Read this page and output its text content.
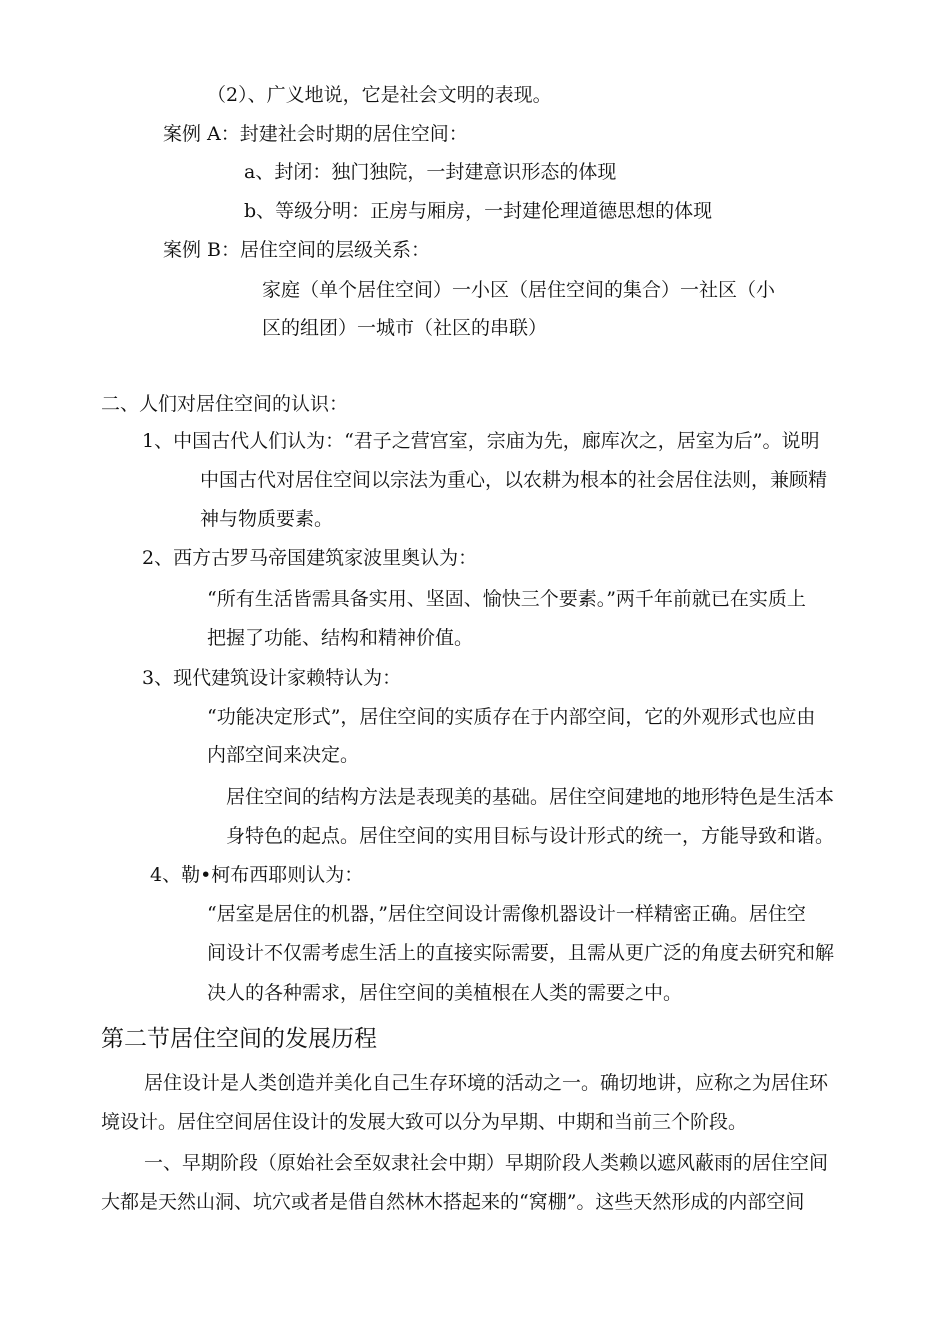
（2）、广义地说，它是社会文明的表现。
案例 A：封建社会时期的居住空间：
a、封闭：独门独院，一封建意识形态的体现
b、等级分明：正房与厢房，一封建伦理道德思想的体现
案例 B：居住空间的层级关系：
家庭（单个居住空间）一小区（居住空间的集合）一社区（小
区的组团）一城市（社区的串联）
二、人们对居住空间的认识：
1、中国古代人们认为：“君子之营宫室，宗庙为先，廊库次之，居室为后”。说明
中国古代对居住空间以宗法为重心，以农耕为根本的社会居住法则，兼顾精
神与物质要素。
2、西方古罗马帝国建筑家波里奥认为：
“所有生活皆需具备实用、坚固、愉快三个要素。”两千年前就已在实质上
把握了功能、结构和精神价值。
3、现代建筑设计家赖特认为：
“功能决定形式”，居住空间的实质存在于内部空间，它的外观形式也应由
内部空间来决定。
居住空间的结构方法是表现美的基础。居住空间建地的地形特色是生活本
身特色的起点。居住空间的实用目标与设计形式的统一，方能导致和谐。
4、勒•柯布西耶则认为：
“居室是居住的机器，”居住空间设计需像机器设计一样精密正确。居住空
间设计不仅需考虑生活上的直接实际需要，且需从更广泛的角度去研究和解
决人的各种需求，居住空间的美植根在人类的需要之中。
第二节居住空间的发展历程
居住设计是人类创造并美化自己生存环境的活动之一。确切地讲，应称之为居住环
境设计。居住空间居住设计的发展大致可以分为早期、中期和当前三个阶段。
一、早期阶段（原始社会至奴隶社会中期）早期阶段人类赖以遮风蔽雨的居住空间
大都是天然山洞、坑穴或者是借自然林木搭起来的“窝棚”。这些天然形成的内部空间
